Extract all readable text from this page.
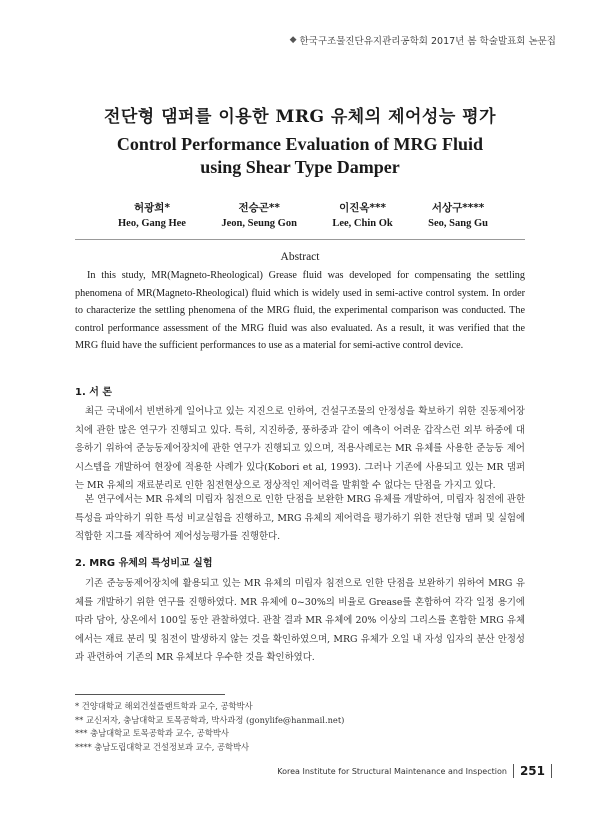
◆ 한국구조물진단유지관리공학회 2017년 봄 학술발표회 논문집
전단형 댐퍼를 이용한 MRG 유체의 제어성능 평가
Control Performance Evaluation of MRG Fluid
using Shear Type Damper
허광희*
Heo, Gang Hee
전승곤**
Jeon, Seung Gon
이진옥***
Lee, Chin Ok
서상구****
Seo, Sang Gu
Abstract
In this study, MR(Magneto-Rheological) Grease fluid was developed for compensating the settling phenomena of MR(Magneto-Rheological) fluid which is widely used in semi-active control system. In order to characterize the settling phenomena of the MRG fluid, the experimental comparison was conducted. The control performance assessment of the MRG fluid was also evaluated. As a result, it was verified that the MRG fluid have the sufficient performances to use as a material for semi-active control device.
1. 서 론
최근 국내에서 빈번하게 일어나고 있는 지진으로 인하여, 건설구조물의 안정성을 확보하기 위한 진동제어장치에 관한 많은 연구가 진행되고 있다. 특히, 지진하중, 풍하중과 같이 예측이 어려운 갑작스런 외부 하중에 대응하기 위하여 준능동제어장치에 관한 연구가 진행되고 있으며, 적용사례로는 MR 유체를 사용한 준능동 제어시스템을 개발하여 현장에 적용한 사례가 있다(Kobori et al, 1993). 그러나 기존에 사용되고 있는 MR 댐퍼는 MR 유체의 재료분리로 인한 침전현상으로 정상적인 제어력을 발휘할 수 없다는 단점을 가지고 있다.
본 연구에서는 MR 유체의 미립자 침전으로 인한 단점을 보완한 MRG 유체를 개발하여, 미립자 침전에 관한 특성을 파악하기 위한 특성 비교실험을 진행하고, MRG 유체의 제어력을 평가하기 위한 전단형 댐퍼 및 실험에 적합한 지그를 제작하여 제어성능평가를 진행한다.
2. MRG 유체의 특성비교 실험
기존 준능동제어장치에 활용되고 있는 MR 유체의 미립자 침전으로 인한 단점을 보완하기 위하여 MRG 유체를 개발하기 위한 연구를 진행하였다. MR 유체에 0~30%의 비율로 Grease를 혼합하여 각각 일정 용기에 따라 담아, 상온에서 100일 동안 관찰하였다. 관찰 결과 MR 유체에 20% 이상의 그리스를 혼합한 MRG 유체에서는 재료 분리 및 침전이 발생하지 않는 것을 확인하였으며, MRG 유체가 오일 내 자성 입자의 분산 안정성과 관련하여 기존의 MR 유체보다 우수한 것을 확인하였다.
* 건양대학교 해외건설플랜트학과 교수, 공학박사
** 교신저자, 충남대학교 토목공학과, 박사과정 (gonylife@hanmail.net)
*** 충남대학교 토목공학과 교수, 공학박사
**** 충남도립대학교 건설정보과 교수, 공학박사
Korea Institute for Structural Maintenance and Inspection 251
